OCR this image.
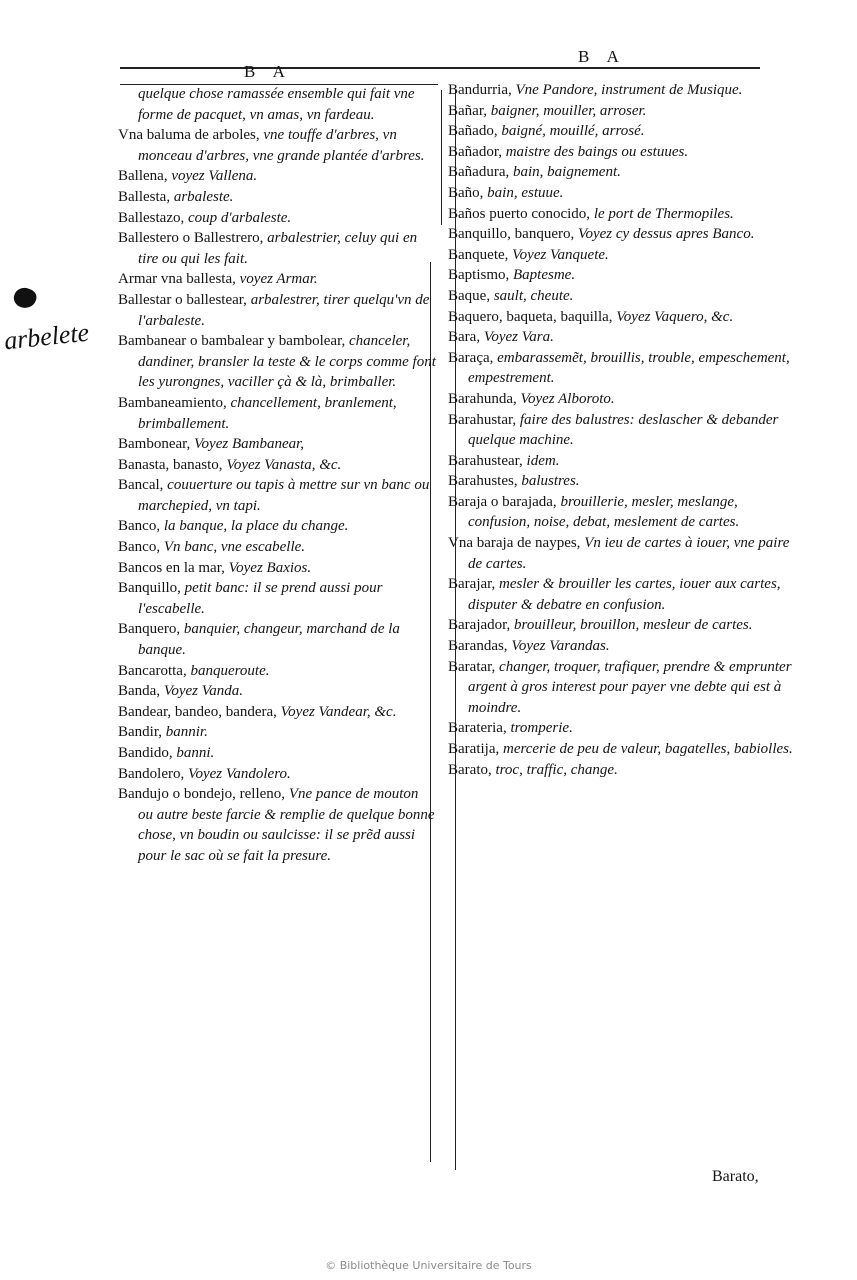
B A
B A
arbelete
quelque chose ramassée ensemble qui fait vne forme de pacquet, vn amas, vn fardeau.
Vna baluma de arboles, vne touffe d'arbres, vn monceau d'arbres, vne grande plantée d'arbres.
Ballena, voyez Vallena.
Ballesta, arbaleste.
Ballestazo, coup d'arbaleste.
Ballestero o Ballestrero, arbalestrier, celuy qui en tire ou qui les fait.
Armar vna ballesta, voyez Armar.
Ballestar o ballestear, arbalestrer, tirer quelqu'vn de l'arbaleste.
Bambanear o bambalear y bambolear, chanceler, dandiner, bransler la teste & le corps comme font les yurongnes, vaciller çà & là, brimballer.
Bambaneamiento, chancellement, branlement, brimballement.
Bambonear, Voyez Bambanear,
Banasta, banasto, Voyez Vanasta, &c.
Bancal, couuerture ou tapis à mettre sur vn banc ou marchepied, vn tapi.
Banco, la banque, la place du change.
Banco, Vn banc, vne escabelle.
Bancos en la mar, Voyez Baxios.
Banquillo, petit banc: il se prend aussi pour l'escabelle.
Banquero, banquier, changeur, marchand de la banque.
Bancarotta, banqueroute.
Banda, Voyez Vanda.
Bandear, bandeo, bandera, Voyez Vandear, &c.
Bandir, bannir.
Bandido, banni.
Bandolero, Voyez Vandolero.
Bandujo o bondejo, relleno, Vne pance de mouton ou autre beste farcie & remplie de quelque bonne chose, vn boudin ou saulcisse: il se prẽd aussi pour le sac où se fait la presure.
Bandurria, Vne Pandore, instrument de Musique.
Bañar, baigner, mouiller, arroser.
Bañado, baigné, mouillé, arrosé.
Bañador, maistre des baings ou estuues.
Bañadura, bain, baignement.
Baño, bain, estuue.
Baños puerto conocido, le port de Thermopiles.
Banquillo, banquero, Voyez cy dessus apres Banco.
Banquete, Voyez Vanquete.
Baptismo, Baptesme.
Baque, sault, cheute.
Baquero, baqueta, baquilla, Voyez Vaquero, &c.
Bara, Voyez Vara.
Baraça, embarassemẽt, brouillis, trouble, empeschement, empestrement.
Barahunda, Voyez Alboroto.
Barahustar, faire des balustres: deslascher & debander quelque machine.
Barahustear, idem.
Barahustes, balustres.
Baraja o barajada, brouillerie, mesler, meslange, confusion, noise, debat, meslement de cartes.
Vna baraja de naypes, Vn ieu de cartes à iouer, vne paire de cartes.
Barajar, mesler & brouiller les cartes, iouer aux cartes, disputer & debatre en confusion.
Barajador, brouilleur, brouillon, mesleur de cartes.
Barandas, Voyez Varandas.
Baratar, changer, troquer, trafiquer, prendre & emprunter argent à gros interest pour payer vne debte qui est à moindre.
Barateria, tromperie.
Baratija, mercerie de peu de valeur, bagatelles, babiolles.
Barato, troc, traffic, change.
Barato,
© Bibliothèque Universitaire de Tours
